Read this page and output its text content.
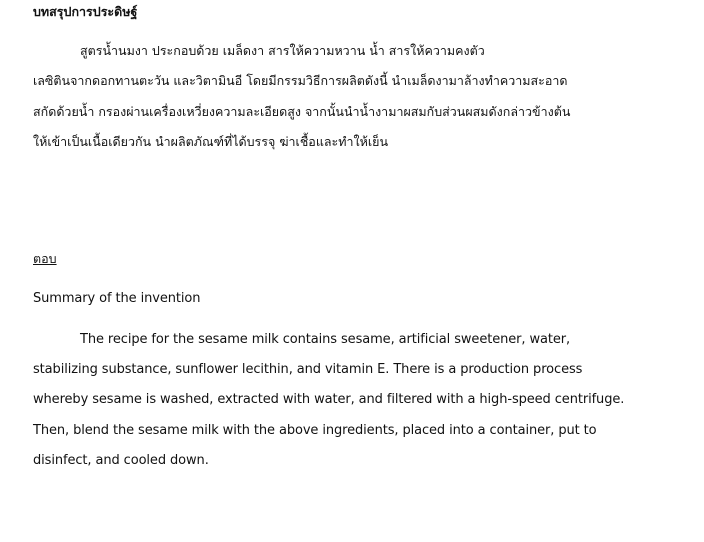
บทสรุปการประดิษฐ์
สูตรน้ำนมงา ประกอบด้วย เมล็ดงา สารให้ความหวาน น้ำ สารให้ความคงตัว
เลซิตินจากดอกทานตะวัน และวิตามินอี โดยมีกรรมวิธีการผลิตดังนี้ นำเมล็ดงามาล้างทำความสะอาด
สกัดด้วยน้ำ กรองผ่านเครื่องเหวี่ยงความละเอียดสูง จากนั้นนำน้ำงามาผสมกับส่วนผสมดังกล่าวข้างต้น
ให้เข้าเป็นเนื้อเดียวกัน นำผลิตภัณฑ์ที่ได้บรรจุ ฆ่าเชื้อและทำให้เย็น
ตอบ
Summary of the invention
The recipe for the sesame milk contains sesame, artificial sweetener, water,
stabilizing substance, sunflower lecithin, and vitamin E. There is a production process
whereby sesame is washed, extracted with water, and filtered with a high-speed centrifuge.
Then, blend the sesame milk with the above ingredients, placed into a container, put to
disinfect, and cooled down.
